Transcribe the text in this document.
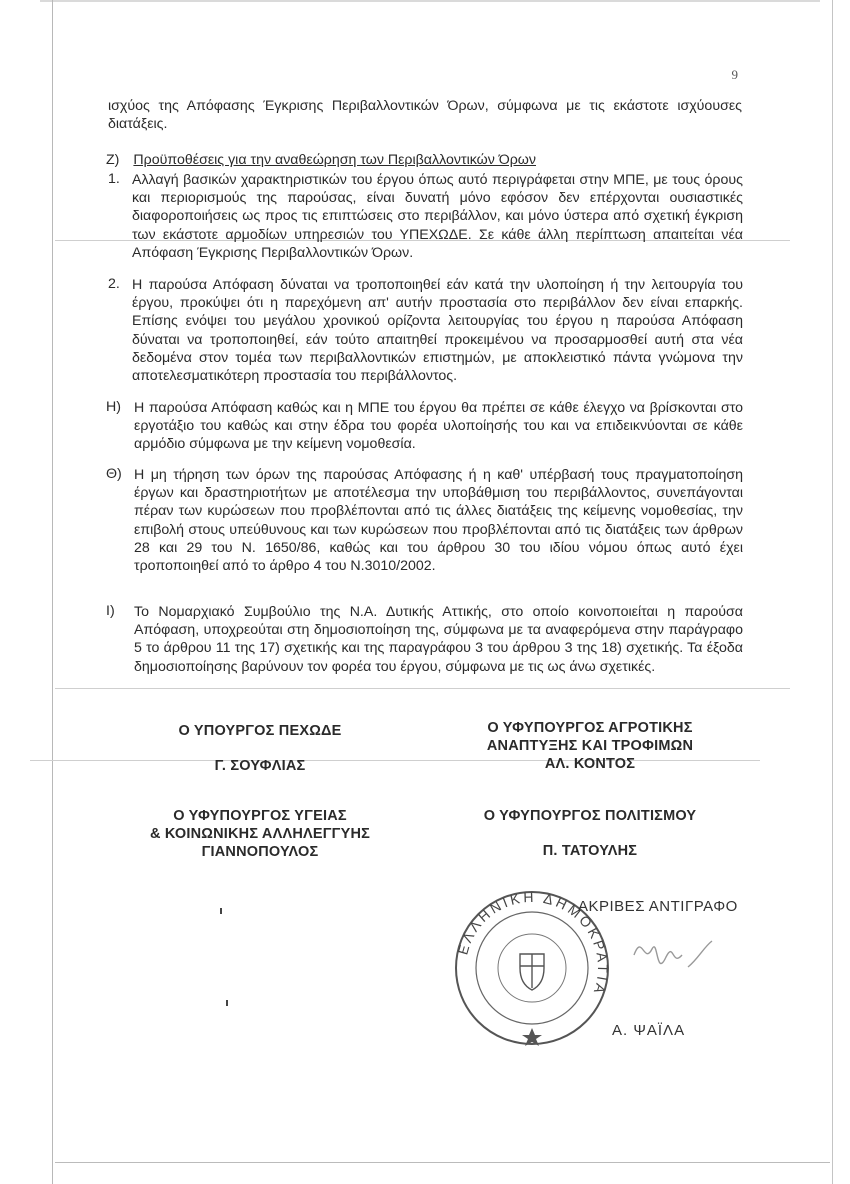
9

ισχύος της Απόφασης Έγκρισης Περιβαλλοντικών Όρων, σύμφωνα με τις εκάστοτε ισχύουσες διατάξεις.

Ζ) Προϋποθέσεις για την αναθεώρηση των Περιβαλλοντικών Όρων
1. Αλλαγή βασικών χαρακτηριστικών του έργου όπως αυτό περιγράφεται στην ΜΠΕ, με τους όρους και περιορισμούς της παρούσας, είναι δυνατή μόνο εφόσον δεν επέρχονται ουσιαστικές διαφοροποιήσεις ως προς τις επιπτώσεις στο περιβάλλον, και μόνο ύστερα από σχετική έγκριση των εκάστοτε αρμοδίων υπηρεσιών του ΥΠΕΧΩΔΕ. Σε κάθε άλλη περίπτωση απαιτείται νέα Απόφαση Έγκρισης Περιβαλλοντικών Όρων.

2. Η παρούσα Απόφαση δύναται να τροποποιηθεί εάν κατά την υλοποίηση ή την λειτουργία του έργου, προκύψει ότι η παρεχόμενη απ' αυτήν προστασία στο περιβάλλον δεν είναι επαρκής. Επίσης ενόψει του μεγάλου χρονικού ορίζοντα λειτουργίας του έργου η παρούσα Απόφαση δύναται να τροποποιηθεί, εάν τούτο απαιτηθεί προκειμένου να προσαρμοσθεί αυτή στα νέα δεδομένα στον τομέα των περιβαλλοντικών επιστημών, με αποκλειστικό πάντα γνώμονα την αποτελεσματικότερη προστασία του περιβάλλοντος.

Η) Η παρούσα Απόφαση καθώς και η ΜΠΕ του έργου θα πρέπει σε κάθε έλεγχο να βρίσκονται στο εργοτάξιο του καθώς και στην έδρα του φορέα υλοποίησής του και να επιδεικνύονται σε κάθε αρμόδιο σύμφωνα με την κείμενη νομοθεσία.

Θ) Η μη τήρηση των όρων της παρούσας Απόφασης ή η καθ' υπέρβασή τους πραγματοποίηση έργων και δραστηριοτήτων με αποτέλεσμα την υποβάθμιση του περιβάλλοντος, συνεπάγονται πέραν των κυρώσεων που προβλέπονται από τις άλλες διατάξεις της κείμενης νομοθεσίας, την επιβολή στους υπεύθυνους και των κυρώσεων που προβλέπονται από τις διατάξεις των άρθρων 28 και 29 του Ν. 1650/86, καθώς και του άρθρου 30 του ιδίου νόμου όπως αυτό έχει τροποποιηθεί από το άρθρο 4 του Ν.3010/2002.

Ι) Το Νομαρχιακό Συμβούλιο της Ν.Α. Δυτικής Αττικής, στο οποίο κοινοποιείται η παρούσα Απόφαση, υποχρεούται στη δημοσιοποίηση της, σύμφωνα με τα αναφερόμενα στην παράγραφο 5 το άρθρου 11 της 17) σχετικής και της παραγράφου 3 του άρθρου 3 της 18) σχετικής. Τα έξοδα δημοσιοποίησης βαρύνουν τον φορέα του έργου, σύμφωνα με τις ως άνω σχετικές.

Ο ΥΠΟΥΡΓΟΣ ΠΕΧΩΔΕ

Γ. ΣΟΥΦΛΙΑΣ

Ο ΥΦΥΠΟΥΡΓΟΣ ΑΓΡΟΤΙΚΗΣ

ΑΝΑΠΤΥΞΗΣ ΚΑΙ ΤΡΟΦΙΜΩΝ

ΑΛ. ΚΟΝΤΟΣ

Ο ΥΦΥΠΟΥΡΓΟΣ ΥΓΕΙΑΣ

& ΚΟΙΝΩΝΙΚΗΣ ΑΛΛΗΛΕΓΓΥΗΣ

ΓΙΑΝΝΟΠΟΥΛΟΣ

Ο ΥΦΥΠΟΥΡΓΟΣ ΠΟΛΙΤΙΣΜΟΥ

Π. ΤΑΤΟΥΛΗΣ

ΕΛΛΗΝΙΚΗ ΔΗΜΟΚΡΑΤΙΑ
ΑΚΡΙΒΕΣ ΑΝΤΙΓΡΑΦΟ
Α. ΨΑΪΛΑ
